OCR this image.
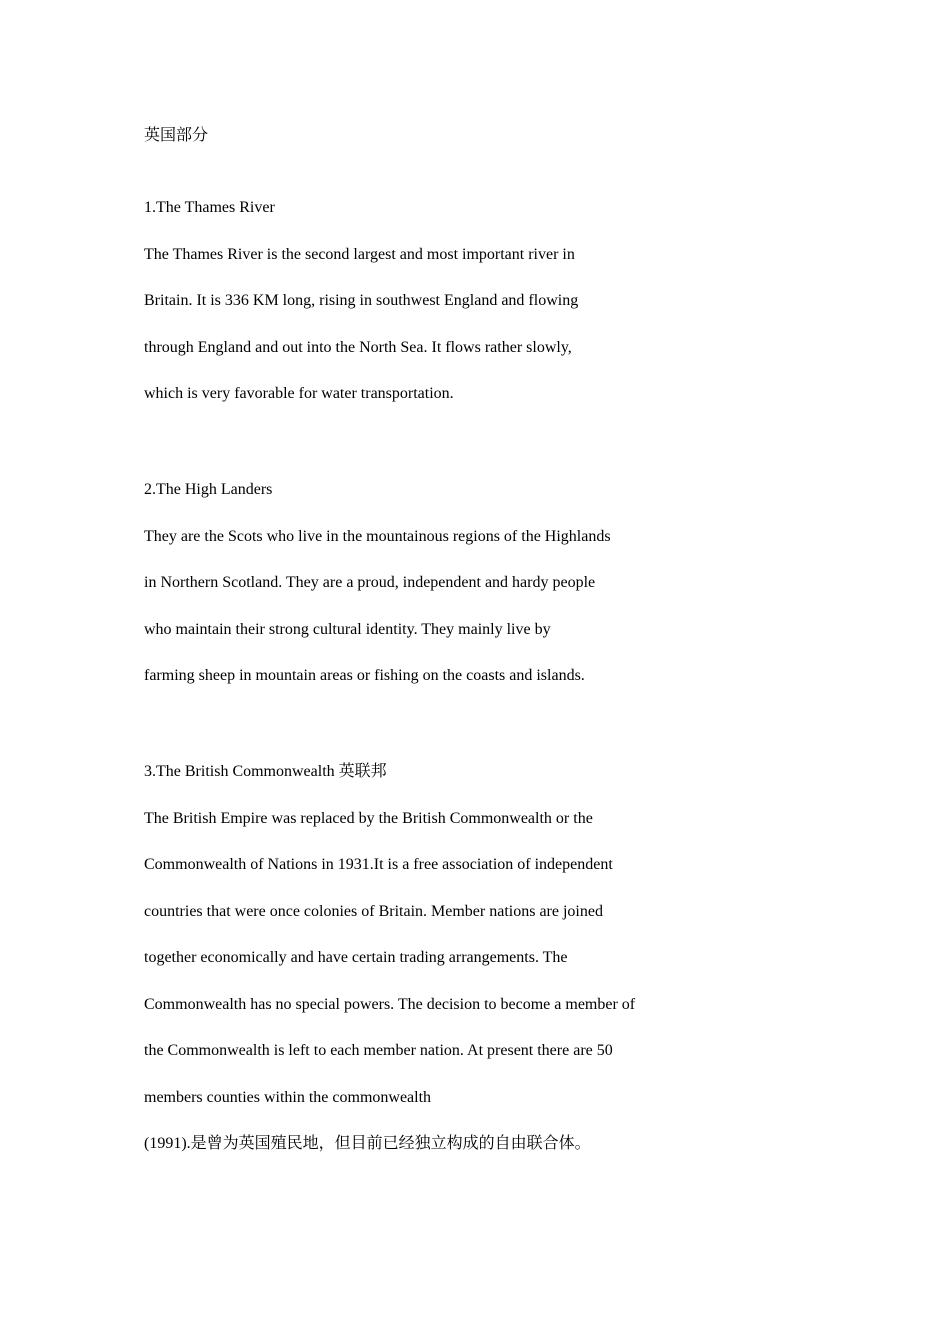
英国部分
1.The Thames River
The Thames River is the second largest and most important river in
Britain. It is 336 KM long, rising in southwest England and flowing
through England and out into the North Sea. It flows rather slowly,
which is very favorable for water transportation.
2.The High Landers
They are the Scots who live in the mountainous regions of the Highlands
in Northern Scotland. They are a proud, independent and hardy people
who maintain their strong cultural identity. They mainly live by
farming sheep in mountain areas or fishing on the coasts and islands.
3.The British Commonwealth 英联邦
The British Empire was replaced by the British Commonwealth or the
Commonwealth of Nations in 1931.It is a free association of independent
countries that were once colonies of Britain. Member nations are joined
together economically and have certain trading arrangements. The
Commonwealth has no special powers. The decision to become a member of
the Commonwealth is left to each member nation. At present there are 50
members counties within the commonwealth
(1991).是曾为英国殖民地，但目前已经独立构成的自由联合体。
